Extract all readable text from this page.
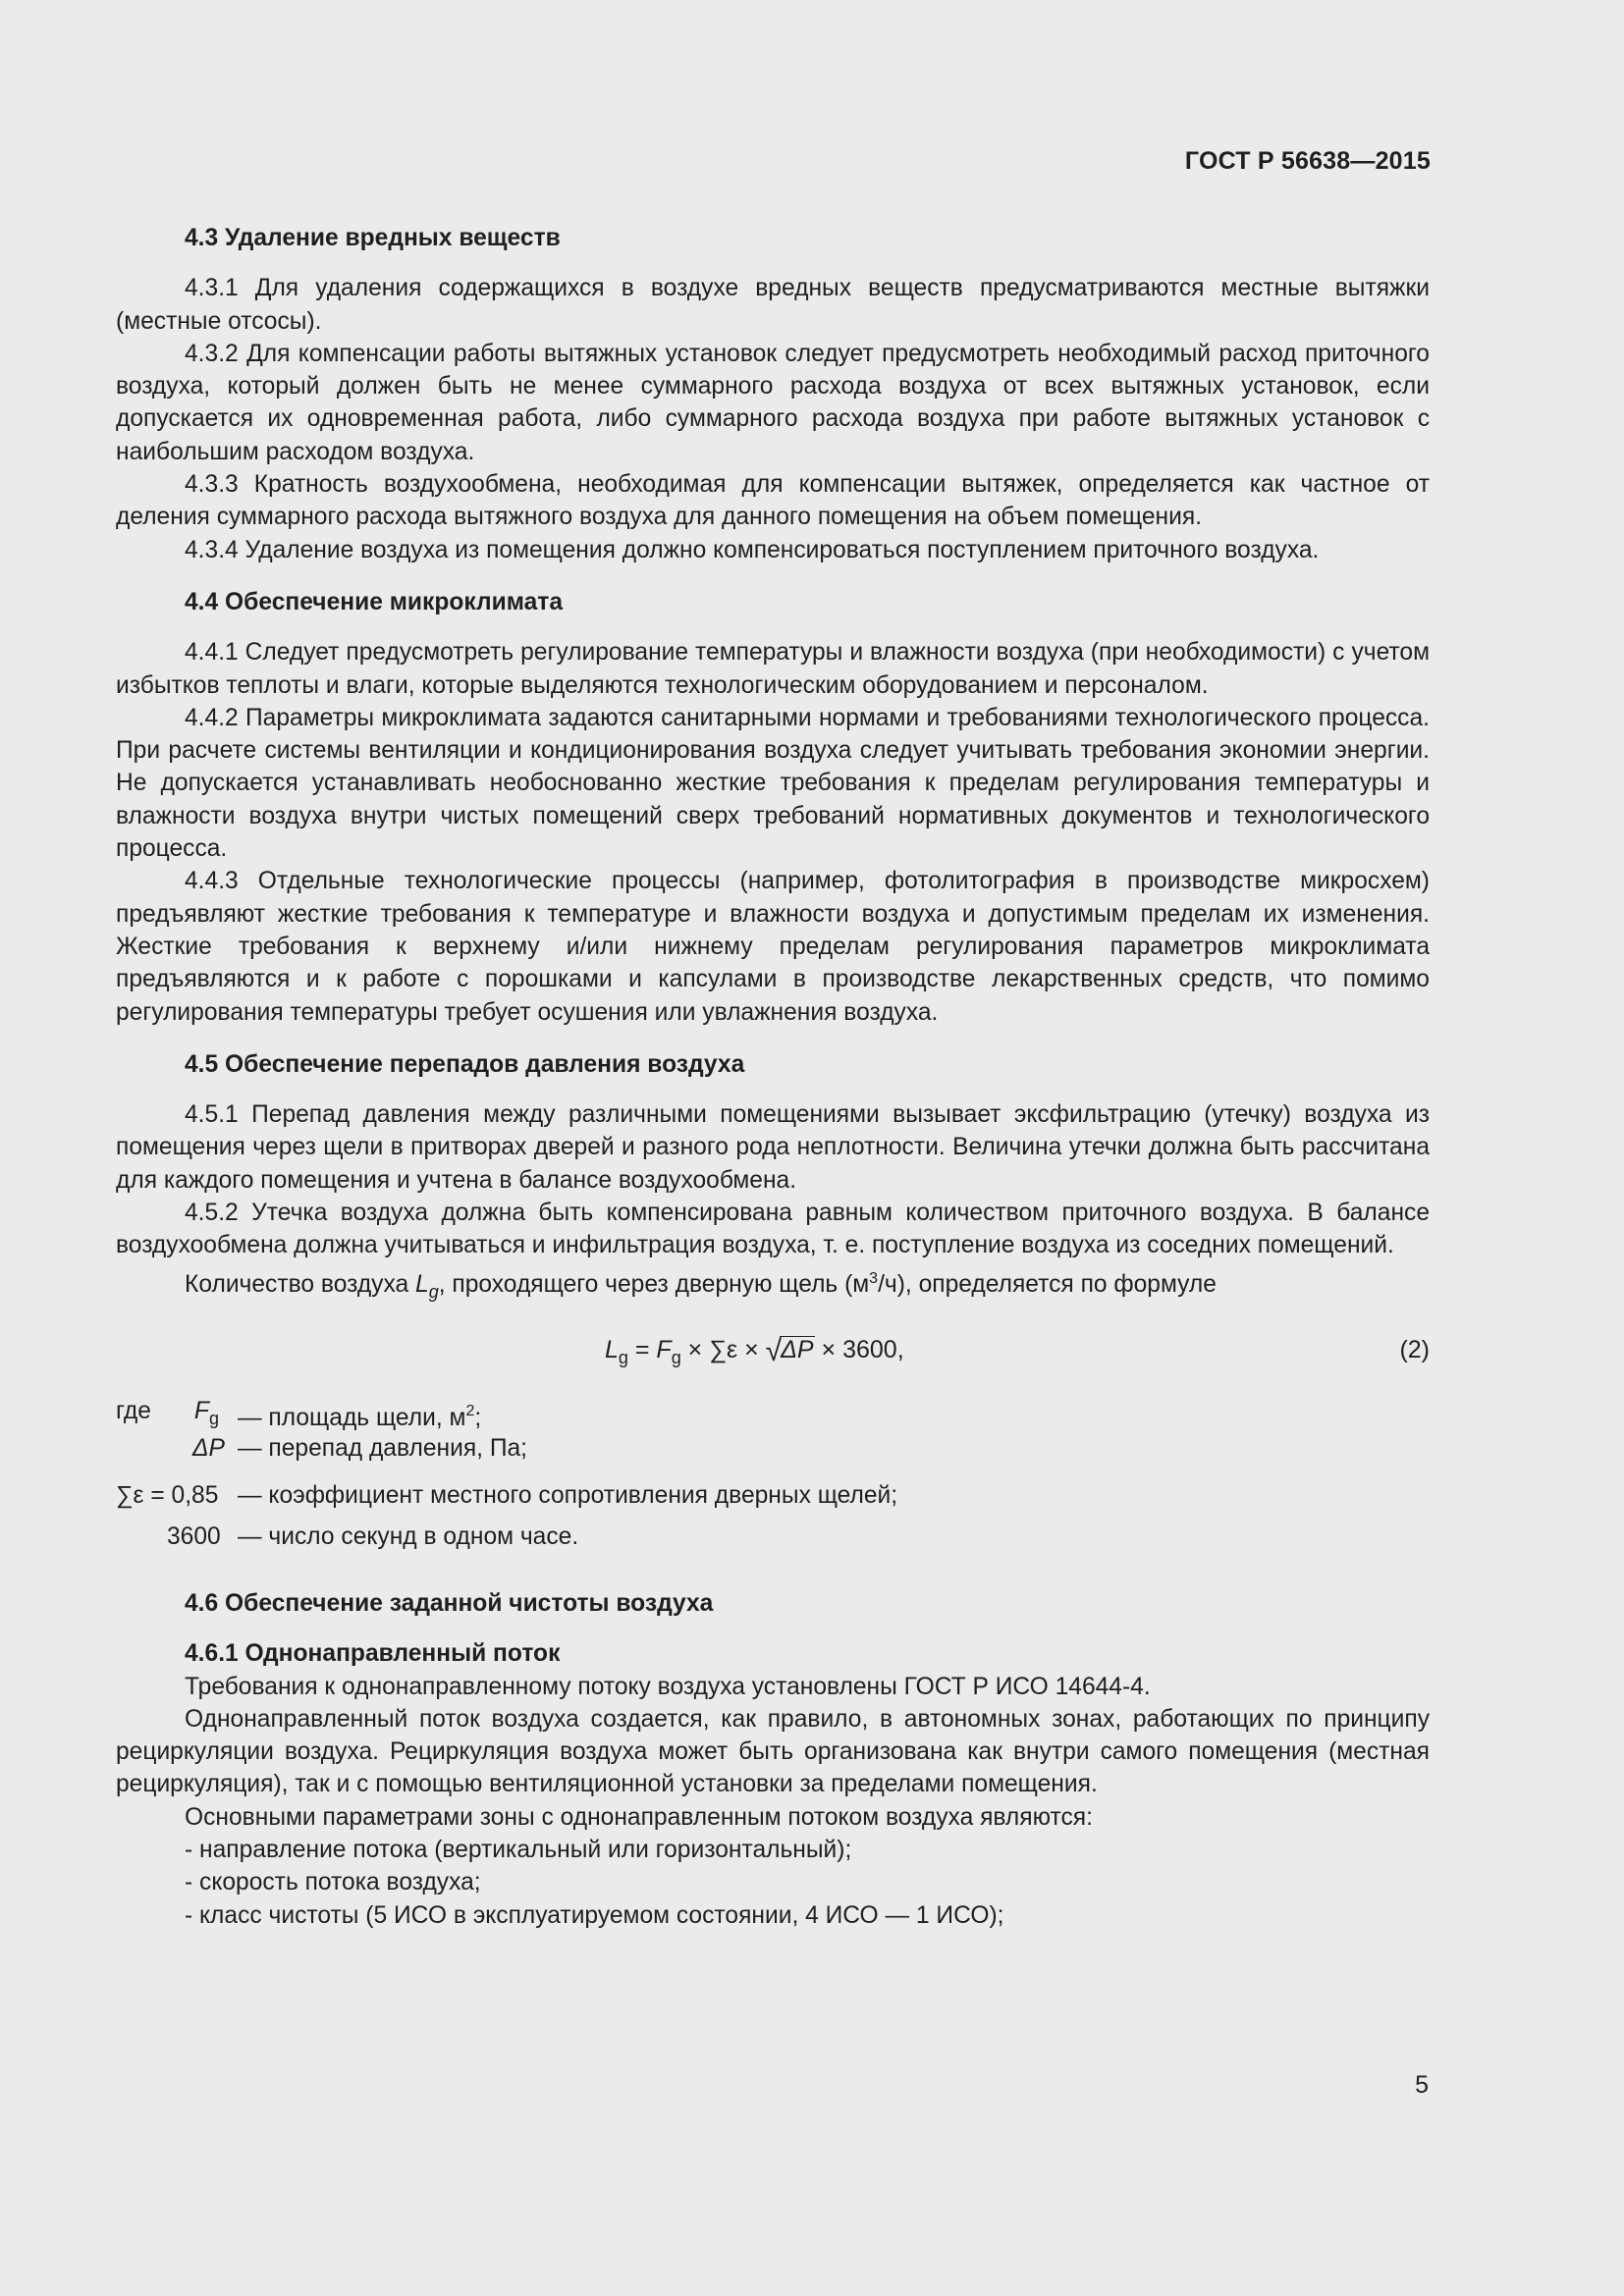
ГОСТ Р 56638—2015

4.3 Удаление вредных веществ

4.3.1 Для удаления содержащихся в воздухе вредных веществ предусматриваются местные вытяжки (местные отсосы).

4.3.2 Для компенсации работы вытяжных установок следует предусмотреть необходимый расход приточного воздуха, который должен быть не менее суммарного расхода воздуха от всех вытяжных установок, если допускается их одновременная работа, либо суммарного расхода воздуха при работе вытяжных установок с наибольшим расходом воздуха.

4.3.3 Кратность воздухообмена, необходимая для компенсации вытяжек, определяется как частное от деления суммарного расхода вытяжного воздуха для данного помещения на объем помещения.

4.3.4 Удаление воздуха из помещения должно компенсироваться поступлением приточного воздуха.

4.4 Обеспечение микроклимата

4.4.1 Следует предусмотреть регулирование температуры и влажности воздуха (при необходимости) с учетом избытков теплоты и влаги, которые выделяются технологическим оборудованием и персоналом.

4.4.2 Параметры микроклимата задаются санитарными нормами и требованиями технологического процесса. При расчете системы вентиляции и кондиционирования воздуха следует учитывать требования экономии энергии. Не допускается устанавливать необоснованно жесткие требования к пределам регулирования температуры и влажности воздуха внутри чистых помещений сверх требований нормативных документов и технологического процесса.

4.4.3 Отдельные технологические процессы (например, фотолитография в производстве микросхем) предъявляют жесткие требования к температуре и влажности воздуха и допустимым пределам их изменения. Жесткие требования к верхнему и/или нижнему пределам регулирования параметров микроклимата предъявляются и к работе с порошками и капсулами в производстве лекарственных средств, что помимо регулирования температуры требует осушения или увлажнения воздуха.

4.5 Обеспечение перепадов давления воздуха

4.5.1 Перепад давления между различными помещениями вызывает эксфильтрацию (утечку) воздуха из помещения через щели в притворах дверей и разного рода неплотности. Величина утечки должна быть рассчитана для каждого помещения и учтена в балансе воздухообмена.

4.5.2 Утечка воздуха должна быть компенсирована равным количеством приточного воздуха. В балансе воздухообмена должна учитываться и инфильтрация воздуха, т. е. поступление воздуха из соседних помещений.

Количество воздуха $L_g$, проходящего через дверную щель $(м^3/ч)$, определяется по формуле

$L_g = F_g \times \sum\varepsilon \times √\Delta P \times 3600$,	(2)
где $F_g$ — площадь щели, $м^2$;
ΔP — перепад давления, Па;
∑ε = 0,85 — коэффициент местного сопротивления дверных щелей;
3600 — число секунд в одном часе.

4.6 Обеспечение заданной чистоты воздуха

4.6.1 Однонаправленный поток

Требования к однонаправленному потоку воздуха установлены ГОСТ Р ИСО 14644-4.

Однонаправленный поток воздуха создается, как правило, в автономных зонах, работающих по принципу рециркуляции воздуха. Рециркуляция воздуха может быть организована как внутри самого помещения (местная рециркуляция), так и с помощью вентиляционной установки за пределами помещения.

Основными параметрами зоны с однонаправленным потоком воздуха являются:

- направление потока (вертикальный или горизонтальный);

- скорость потока воздуха;

- класс чистоты (5 ИСО в эксплуатируемом состоянии, 4 ИСО — 1 ИСО);

5
